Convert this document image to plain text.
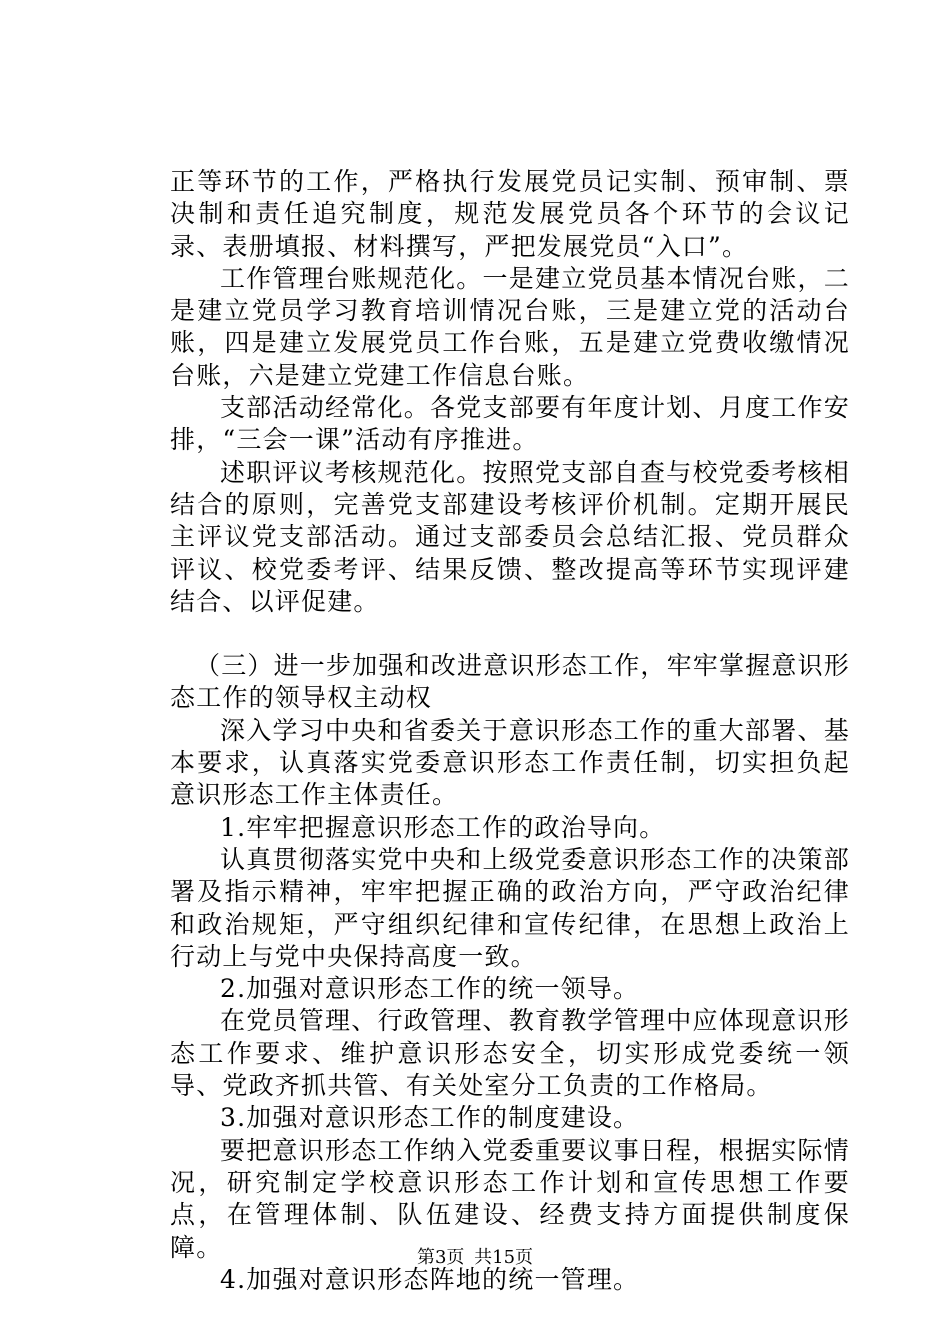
正等环节的工作，严格执行发展党员记实制、预审制、票决制和责任追究制度，规范发展党员各个环节的会议记录、表册填报、材料撰写，严把发展党员“入口”。

工作管理台账规范化。一是建立党员基本情况台账，二是建立党员学习教育培训情况台账，三是建立党的活动台账，四是建立发展党员工作台账，五是建立党费收缴情况台账，六是建立党建工作信息台账。

支部活动经常化。各党支部要有年度计划、月度工作安排，“三会一课”活动有序推进。

述职评议考核规范化。按照党支部自查与校党委考核相结合的原则，完善党支部建设考核评价机制。定期开展民主评议党支部活动。通过支部委员会总结汇报、党员群众评议、校党委考评、结果反馈、整改提高等环节实现评建结合、以评促建。

（三）进一步加强和改进意识形态工作，牢牢掌握意识形态工作的领导权主动权

深入学习中央和省委关于意识形态工作的重大部署、基本要求，认真落实党委意识形态工作责任制，切实担负起意识形态工作主体责任。

1.牢牢把握意识形态工作的政治导向。

认真贯彻落实党中央和上级党委意识形态工作的决策部署及指示精神，牢牢把握正确的政治方向，严守政治纪律和政治规矩，严守组织纪律和宣传纪律，在思想上政治上行动上与党中央保持高度一致。

2.加强对意识形态工作的统一领导。

在党员管理、行政管理、教育教学管理中应体现意识形态工作要求、维护意识形态安全，切实形成党委统一领导、党政齐抓共管、有关处室分工负责的工作格局。

3.加强对意识形态工作的制度建设。

要把意识形态工作纳入党委重要议事日程，根据实际情况，研究制定学校意识形态工作计划和宣传思想工作要点，在管理体制、队伍建设、经费支持方面提供制度保障。

4.加强对意识形态阵地的统一管理。

第3页 共15页
